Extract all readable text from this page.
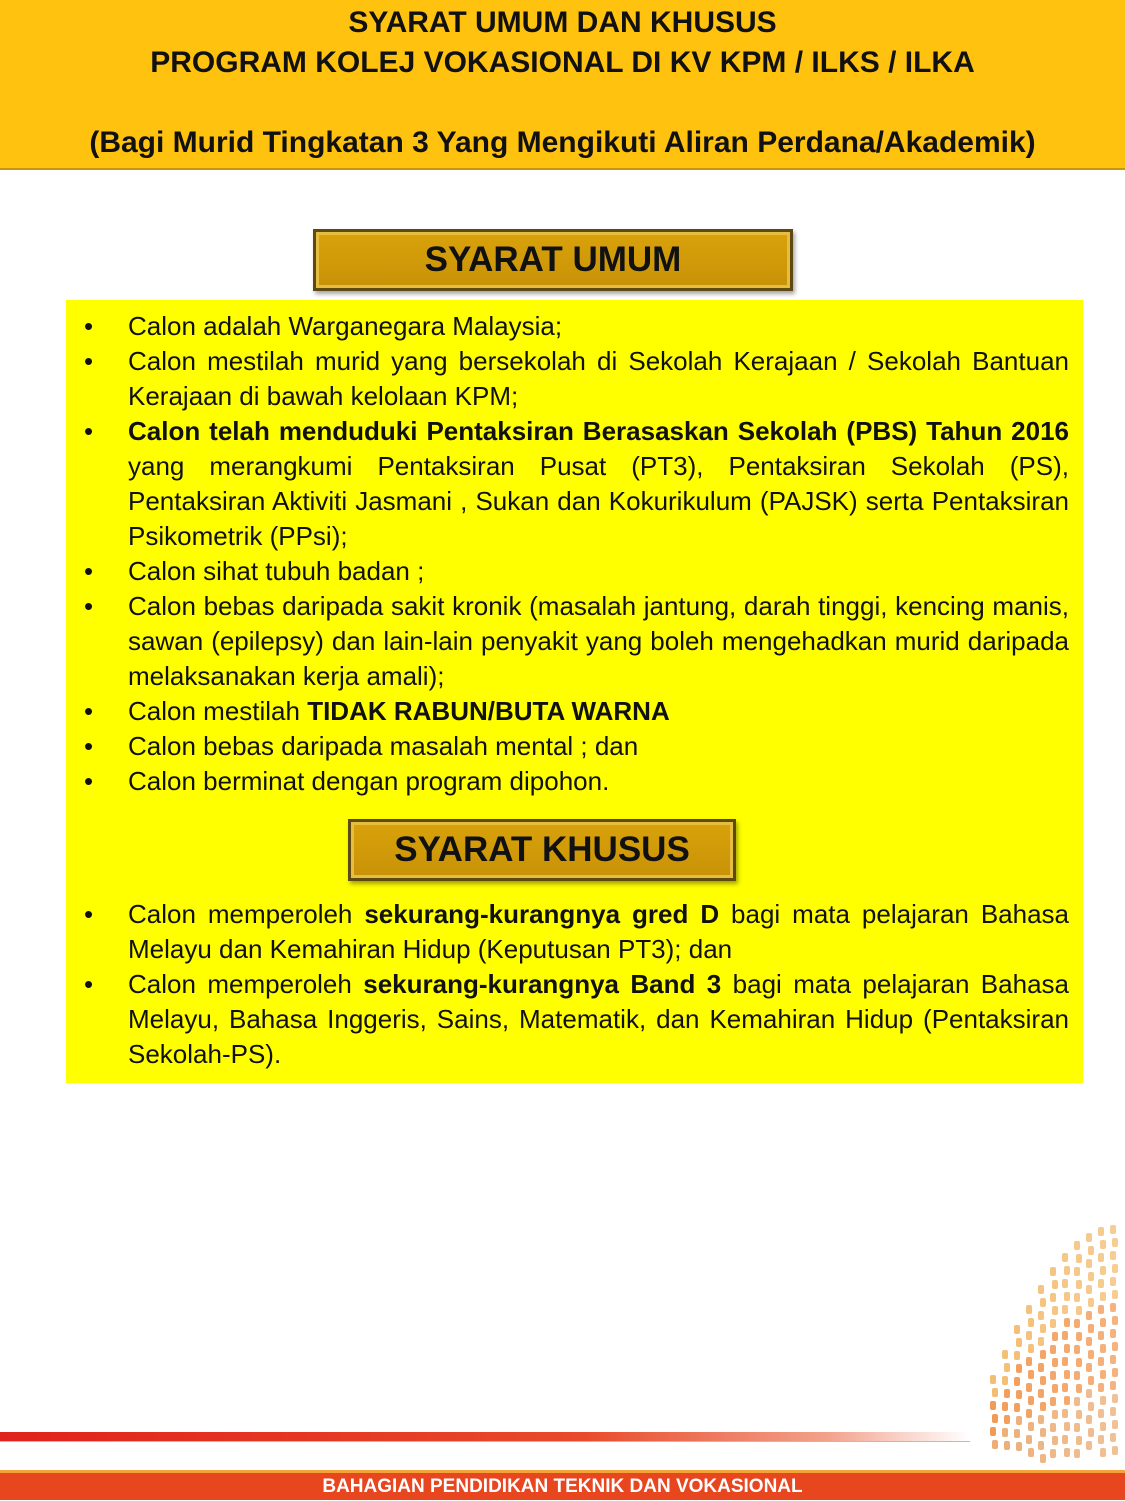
SYARAT UMUM DAN KHUSUS
PROGRAM KOLEJ VOKASIONAL DI KV KPM / ILKS / ILKA
(Bagi Murid Tingkatan 3 Yang Mengikuti Aliran Perdana/Akademik)
• Calon adalah Warganegara Malaysia;
• Calon mestilah murid yang bersekolah di Sekolah Kerajaan / Sekolah Bantuan Kerajaan di bawah kelolaan KPM;
• Calon telah menduduki Pentaksiran Berasaskan Sekolah (PBS) Tahun 2016 yang merangkumi Pentaksiran Pusat (PT3), Pentaksiran Sekolah (PS), Pentaksiran Aktiviti Jasmani , Sukan dan Kokurikulum (PAJSK) serta Pentaksiran Psikometrik (PPsi);
• Calon sihat tubuh badan ;
• Calon bebas daripada sakit kronik (masalah jantung, darah tinggi, kencing manis, sawan (epilepsy) dan lain-lain penyakit yang boleh mengehadkan murid daripada melaksanakan kerja amali);
• Calon mestilah TIDAK RABUN/BUTA WARNA
• Calon bebas daripada masalah mental ; dan
• Calon berminat dengan program dipohon.
• Calon memperoleh sekurang-kurangnya gred D bagi mata pelajaran Bahasa Melayu dan Kemahiran Hidup (Keputusan PT3); dan
• Calon memperoleh sekurang-kurangnya Band 3 bagi mata pelajaran Bahasa Melayu, Bahasa Inggeris, Sains, Matematik, dan Kemahiran Hidup (Pentaksiran Sekolah-PS).
SYARAT UMUM
SYARAT KHUSUS
BAHAGIAN PENDIDIKAN TEKNIK DAN VOKASIONAL
